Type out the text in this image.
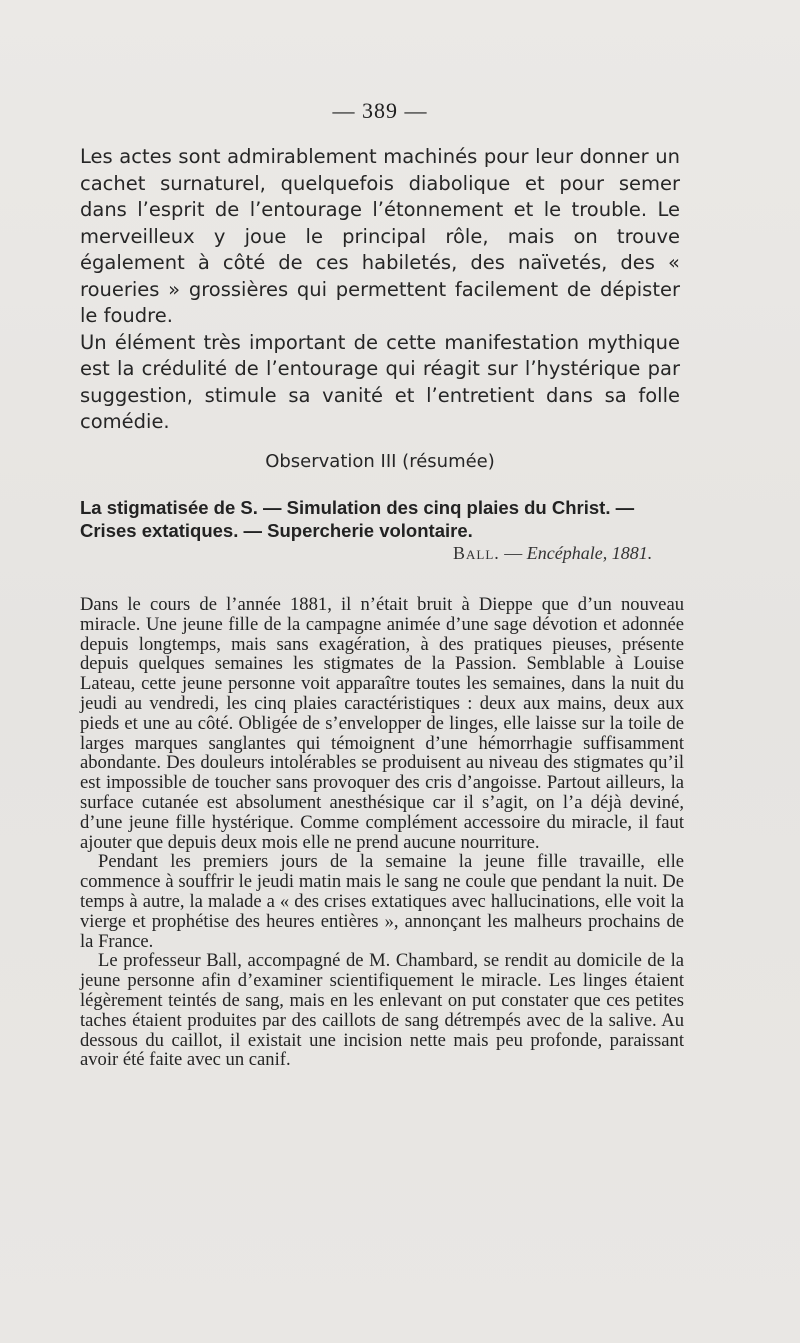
— 389 —

Les actes sont admirablement machinés pour leur donner un cachet surnaturel, quelquefois diabolique et pour semer dans l’esprit de l’entourage l’étonnement et le trouble. Le merveilleux y joue le principal rôle, mais on trouve également à côté de ces habiletés, des naïvetés, des « roueries » grossières qui permettent facilement de dépister le foudre.

Un élément très important de cette manifestation mythique est la crédulité de l’entourage qui réagit sur l’hystérique par suggestion, stimule sa vanité et l’entretient dans sa folle comédie.

Observation III (résumée)
La stigmatisée de S. — Simulation des cinq plaies du Christ. —
Crises extatiques. — Supercherie volontaire.
Ball. — Encéphale, 1881.

Dans le cours de l’année 1881, il n’était bruit à Dieppe que d’un nouveau miracle. Une jeune fille de la campagne animée d’une sage dévotion et adonnée depuis longtemps, mais sans exagération, à des pratiques pieuses, présente depuis quelques semaines les stigmates de la Passion. Semblable à Louise Lateau, cette jeune personne voit apparaître toutes les semaines, dans la nuit du jeudi au vendredi, les cinq plaies caractéristiques : deux aux mains, deux aux pieds et une au côté. Obligée de s’envelopper de linges, elle laisse sur la toile de larges marques sanglantes qui témoignent d’une hémorrhagie suffisamment abondante. Des douleurs intolérables se produisent au niveau des stigmates qu’il est impossible de toucher sans provoquer des cris d’angoisse. Partout ailleurs, la surface cutanée est absolument anesthésique car il s’agit, on l’a déjà deviné, d’une jeune fille hystérique. Comme complément accessoire du miracle, il faut ajouter que depuis deux mois elle ne prend aucune nourriture.

Pendant les premiers jours de la semaine la jeune fille travaille, elle commence à souffrir le jeudi matin mais le sang ne coule que pendant la nuit. De temps à autre, la malade a « des crises extatiques avec hallucinations, elle voit la vierge et prophétise des heures entières », annonçant les malheurs prochains de la France.

Le professeur Ball, accompagné de M. Chambard, se rendit au domicile de la jeune personne afin d’examiner scientifiquement le miracle. Les linges étaient légèrement teintés de sang, mais en les enlevant on put constater que ces petites taches étaient produites par des caillots de sang détrempés avec de la salive. Au dessous du caillot, il existait une incision nette mais peu profonde, paraissant avoir été faite avec un canif.
